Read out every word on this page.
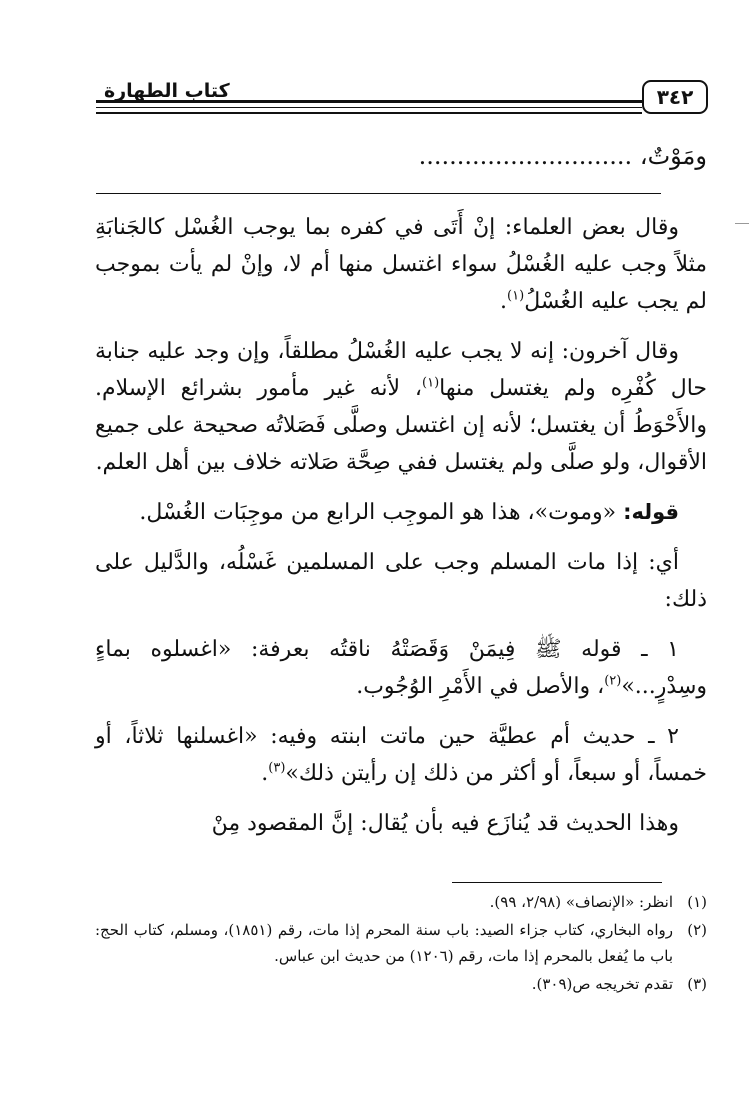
٣٤٢
كتاب الطهارة
ومَوْتٌ، ............................

وقال بعض العلماء: إنْ أَتَى في كفره بما يوجب الغُسْل كالجَنابَةِ مثلاً وجب عليه الغُسْلُ سواء اغتسل منها أم لا، وإنْ لم يأت بموجب لم يجب عليه الغُسْلُ$^{(١)}$.

وقال آخرون: إنه لا يجب عليه الغُسْلُ مطلقاً، وإن وجد عليه جنابة حال كُفْرِه ولم يغتسل منها$^{(١)}$، لأنه غير مأمور بشرائع الإسلام. والأَحْوَطُ أن يغتسل؛ لأنه إن اغتسل وصلَّى فَصَلاتُه صحيحة على جميع الأقوال، ولو صلَّى ولم يغتسل ففي صِحَّة صَلاته خلاف بين أهل العلم.

قوله: «وموت»، هذا هو الموجِب الرابع من موجِبَات الغُسْل.

أي: إذا مات المسلم وجب على المسلمين غَسْلُه، والدَّليل على ذلك:

١ ـ قوله ﷺ فِيمَنْ وَقَصَتْهُ ناقتُه بعرفة: «اغسلوه بماءٍ وسِدْرٍ...»$^{(٢)}$، والأصل في الأَمْرِ الوُجُوب.

٢ ـ حديث أم عطيَّة حين ماتت ابنته وفيه: «اغسلنها ثلاثاً، أو خمساً، أو سبعاً، أو أكثر من ذلك إن رأيتن ذلك»$^{(٣)}$.

وهذا الحديث قد يُنازَع فيه بأن يُقال: إنَّ المقصود مِنْ

(١)
انظر: «الإنصاف» (٢/٩٨، ٩٩).
(٢)
رواه البخاري، كتاب جزاء الصيد: باب سنة المحرم إذا مات، رقم (١٨٥١)، ومسلم، كتاب الحج: باب ما يُفعل بالمحرم إذا مات، رقم (١٢٠٦) من حديث ابن عباس.
(٣)
تقدم تخريجه ص(٣٠٩).
